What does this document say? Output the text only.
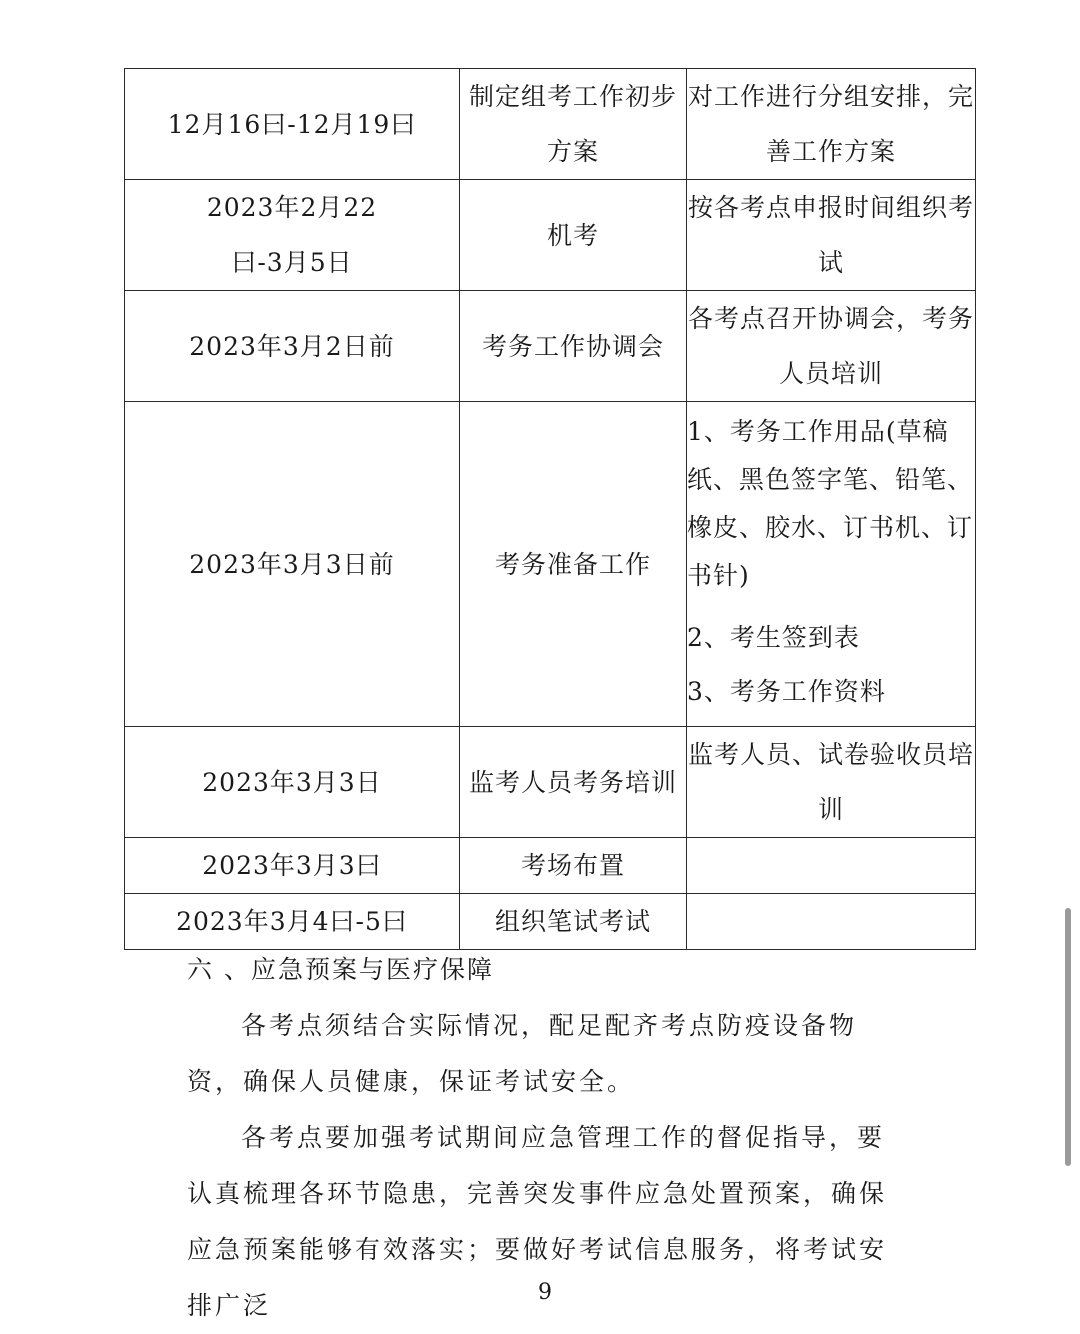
12月16曰-12月19曰	制定组考工作初步方案	对工作进行分组安排，完善工作方案

2023年2月22曰-3月5日	机考	按各考点申报时间组织考试

2023年3月2日前	考务工作协调会	各考点召开协调会，考务人员培训

2023年3月3日前	考务准备工作	1、考务工作用品(草稿纸、黑色签字笔、铅笔、橡皮、胶水、订书机、订书针)
2、考生签到表
3、考务工作资料

2023年3月3日	监考人员考务培训	监考人员、试卷验收员培 训

2023年3月3曰	考场布置	
2023年3月4曰-5曰	组织笔试考试	
六 、应急预案与医疗保障

各考点须结合实际情况，配足配齐考点防疫设备物资，确保人员健康，保证考试安全。

各考点要加强考试期间应急管理工作的督促指导，要认真梳理各环节隐患，完善突发事件应急处置预案，确保应急预案能够有效落实；要做好考试信息服务，将考试安排广泛	9
